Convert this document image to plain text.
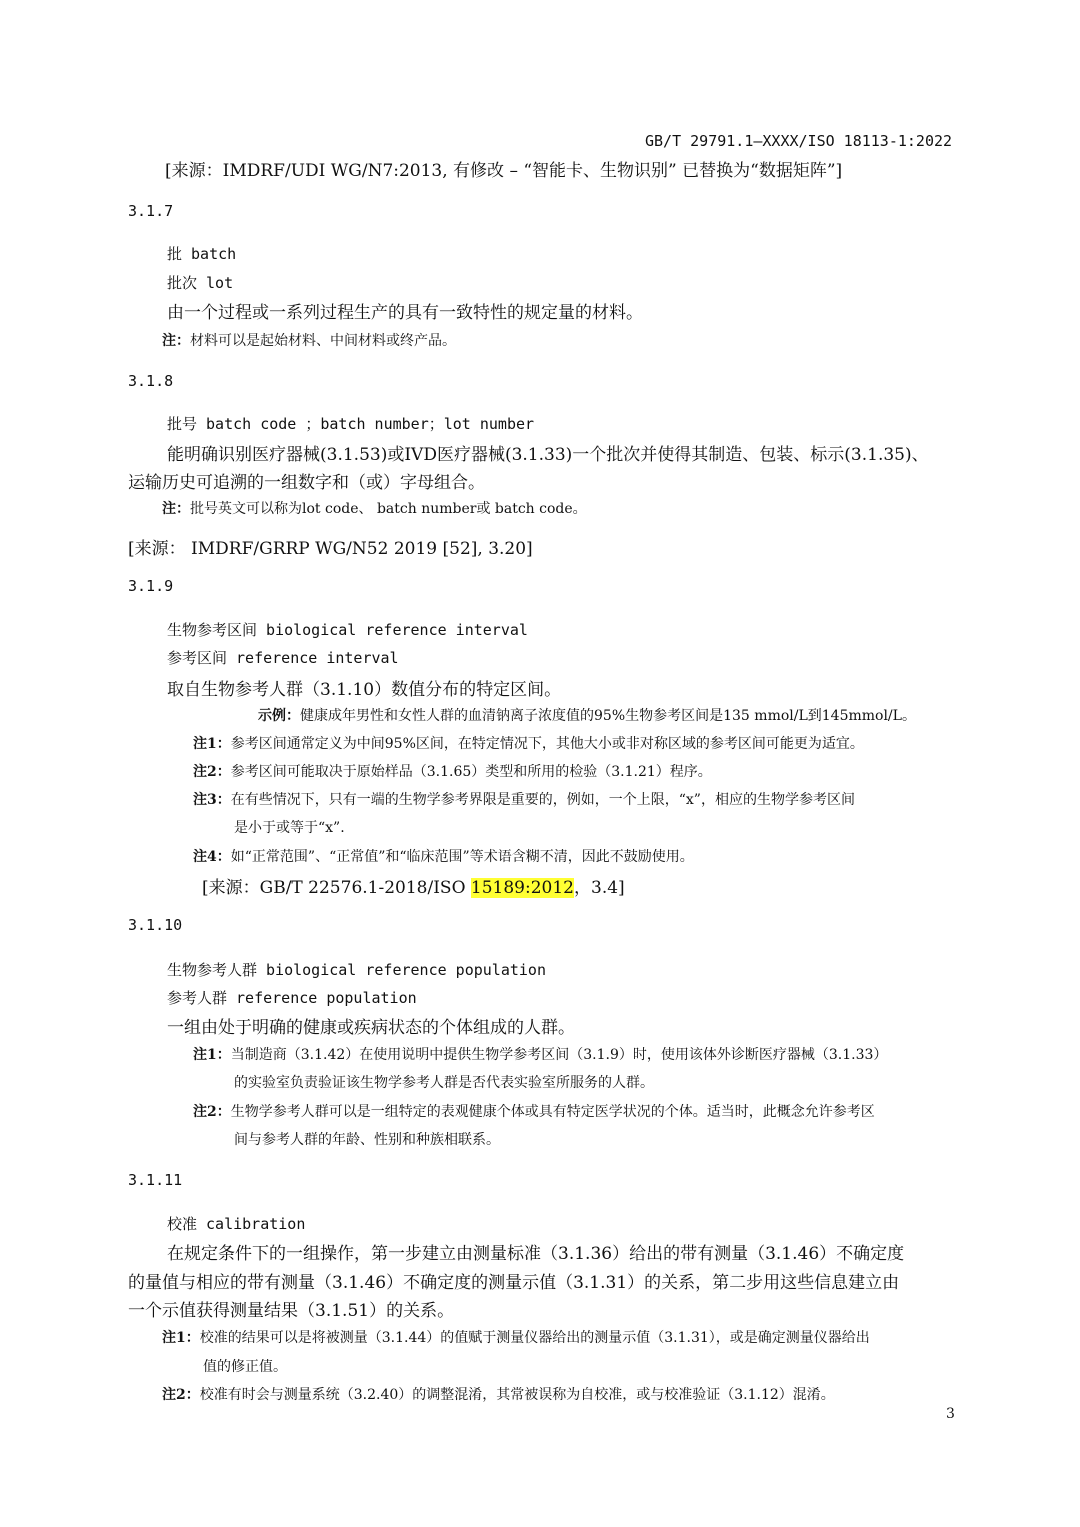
GB/T 29791.1—XXXX/ISO 18113-1:2022
[来源：IMDRF/UDI WG/N7:2013, 有修改 – “智能卡、生物识别” 已替换为“数据矩阵”]
3.1.7
批 batch
批次 lot
由一个过程或一系列过程生产的具有一致特性的规定量的材料。
注：材料可以是起始材料、中间材料或终产品。
3.1.8
批号 batch code ；batch number；lot number
能明确识别医疗器械(3.1.53)或IVD医疗器械(3.1.33)一个批次并使得其制造、包装、标示(3.1.35)、
运输历史可追溯的一组数字和（或）字母组合。
注：批号英文可以称为lot code、 batch number或 batch code。
[来源： IMDRF/GRRP WG/N52 2019 [52], 3.20]
3.1.9
生物参考区间 biological reference interval
参考区间 reference interval
取自生物参考人群（3.1.10）数值分布的特定区间。
示例：健康成年男性和女性人群的血清钠离子浓度值的95%生物参考区间是135 mmol/L到145mmol/L。
注1：参考区间通常定义为中间95%区间，在特定情况下，其他大小或非对称区域的参考区间可能更为适宜。
注2：参考区间可能取决于原始样品（3.1.65）类型和所用的检验（3.1.21）程序。
注3：在有些情况下，只有一端的生物学参考界限是重要的，例如，一个上限，“x”，相应的生物学参考区间
是小于或等于“x”.
注4：如“正常范围”、“正常值”和“临床范围”等术语含糊不清，因此不鼓励使用。
[来源：GB/T 22576.1-2018/ISO 15189:2012，3.4]
3.1.10
生物参考人群 biological reference population
参考人群 reference population
一组由处于明确的健康或疾病状态的个体组成的人群。
注1：当制造商（3.1.42）在使用说明中提供生物学参考区间（3.1.9）时，使用该体外诊断医疗器械（3.1.33）
的实验室负责验证该生物学参考人群是否代表实验室所服务的人群。
注2：生物学参考人群可以是一组特定的表观健康个体或具有特定医学状况的个体。适当时，此概念允许参考区
间与参考人群的年龄、性别和种族相联系。
3.1.11
校准 calibration
在规定条件下的一组操作，第一步建立由测量标准（3.1.36）给出的带有测量（3.1.46）不确定度
的量值与相应的带有测量（3.1.46）不确定度的测量示值（3.1.31）的关系，第二步用这些信息建立由
一个示值获得测量结果（3.1.51）的关系。
注1：校准的结果可以是将被测量（3.1.44）的值赋于测量仪器给出的测量示值（3.1.31），或是确定测量仪器给出
值的修正值。
注2：校准有时会与测量系统（3.2.40）的调整混淆，其常被误称为自校准，或与校准验证（3.1.12）混淆。
3
